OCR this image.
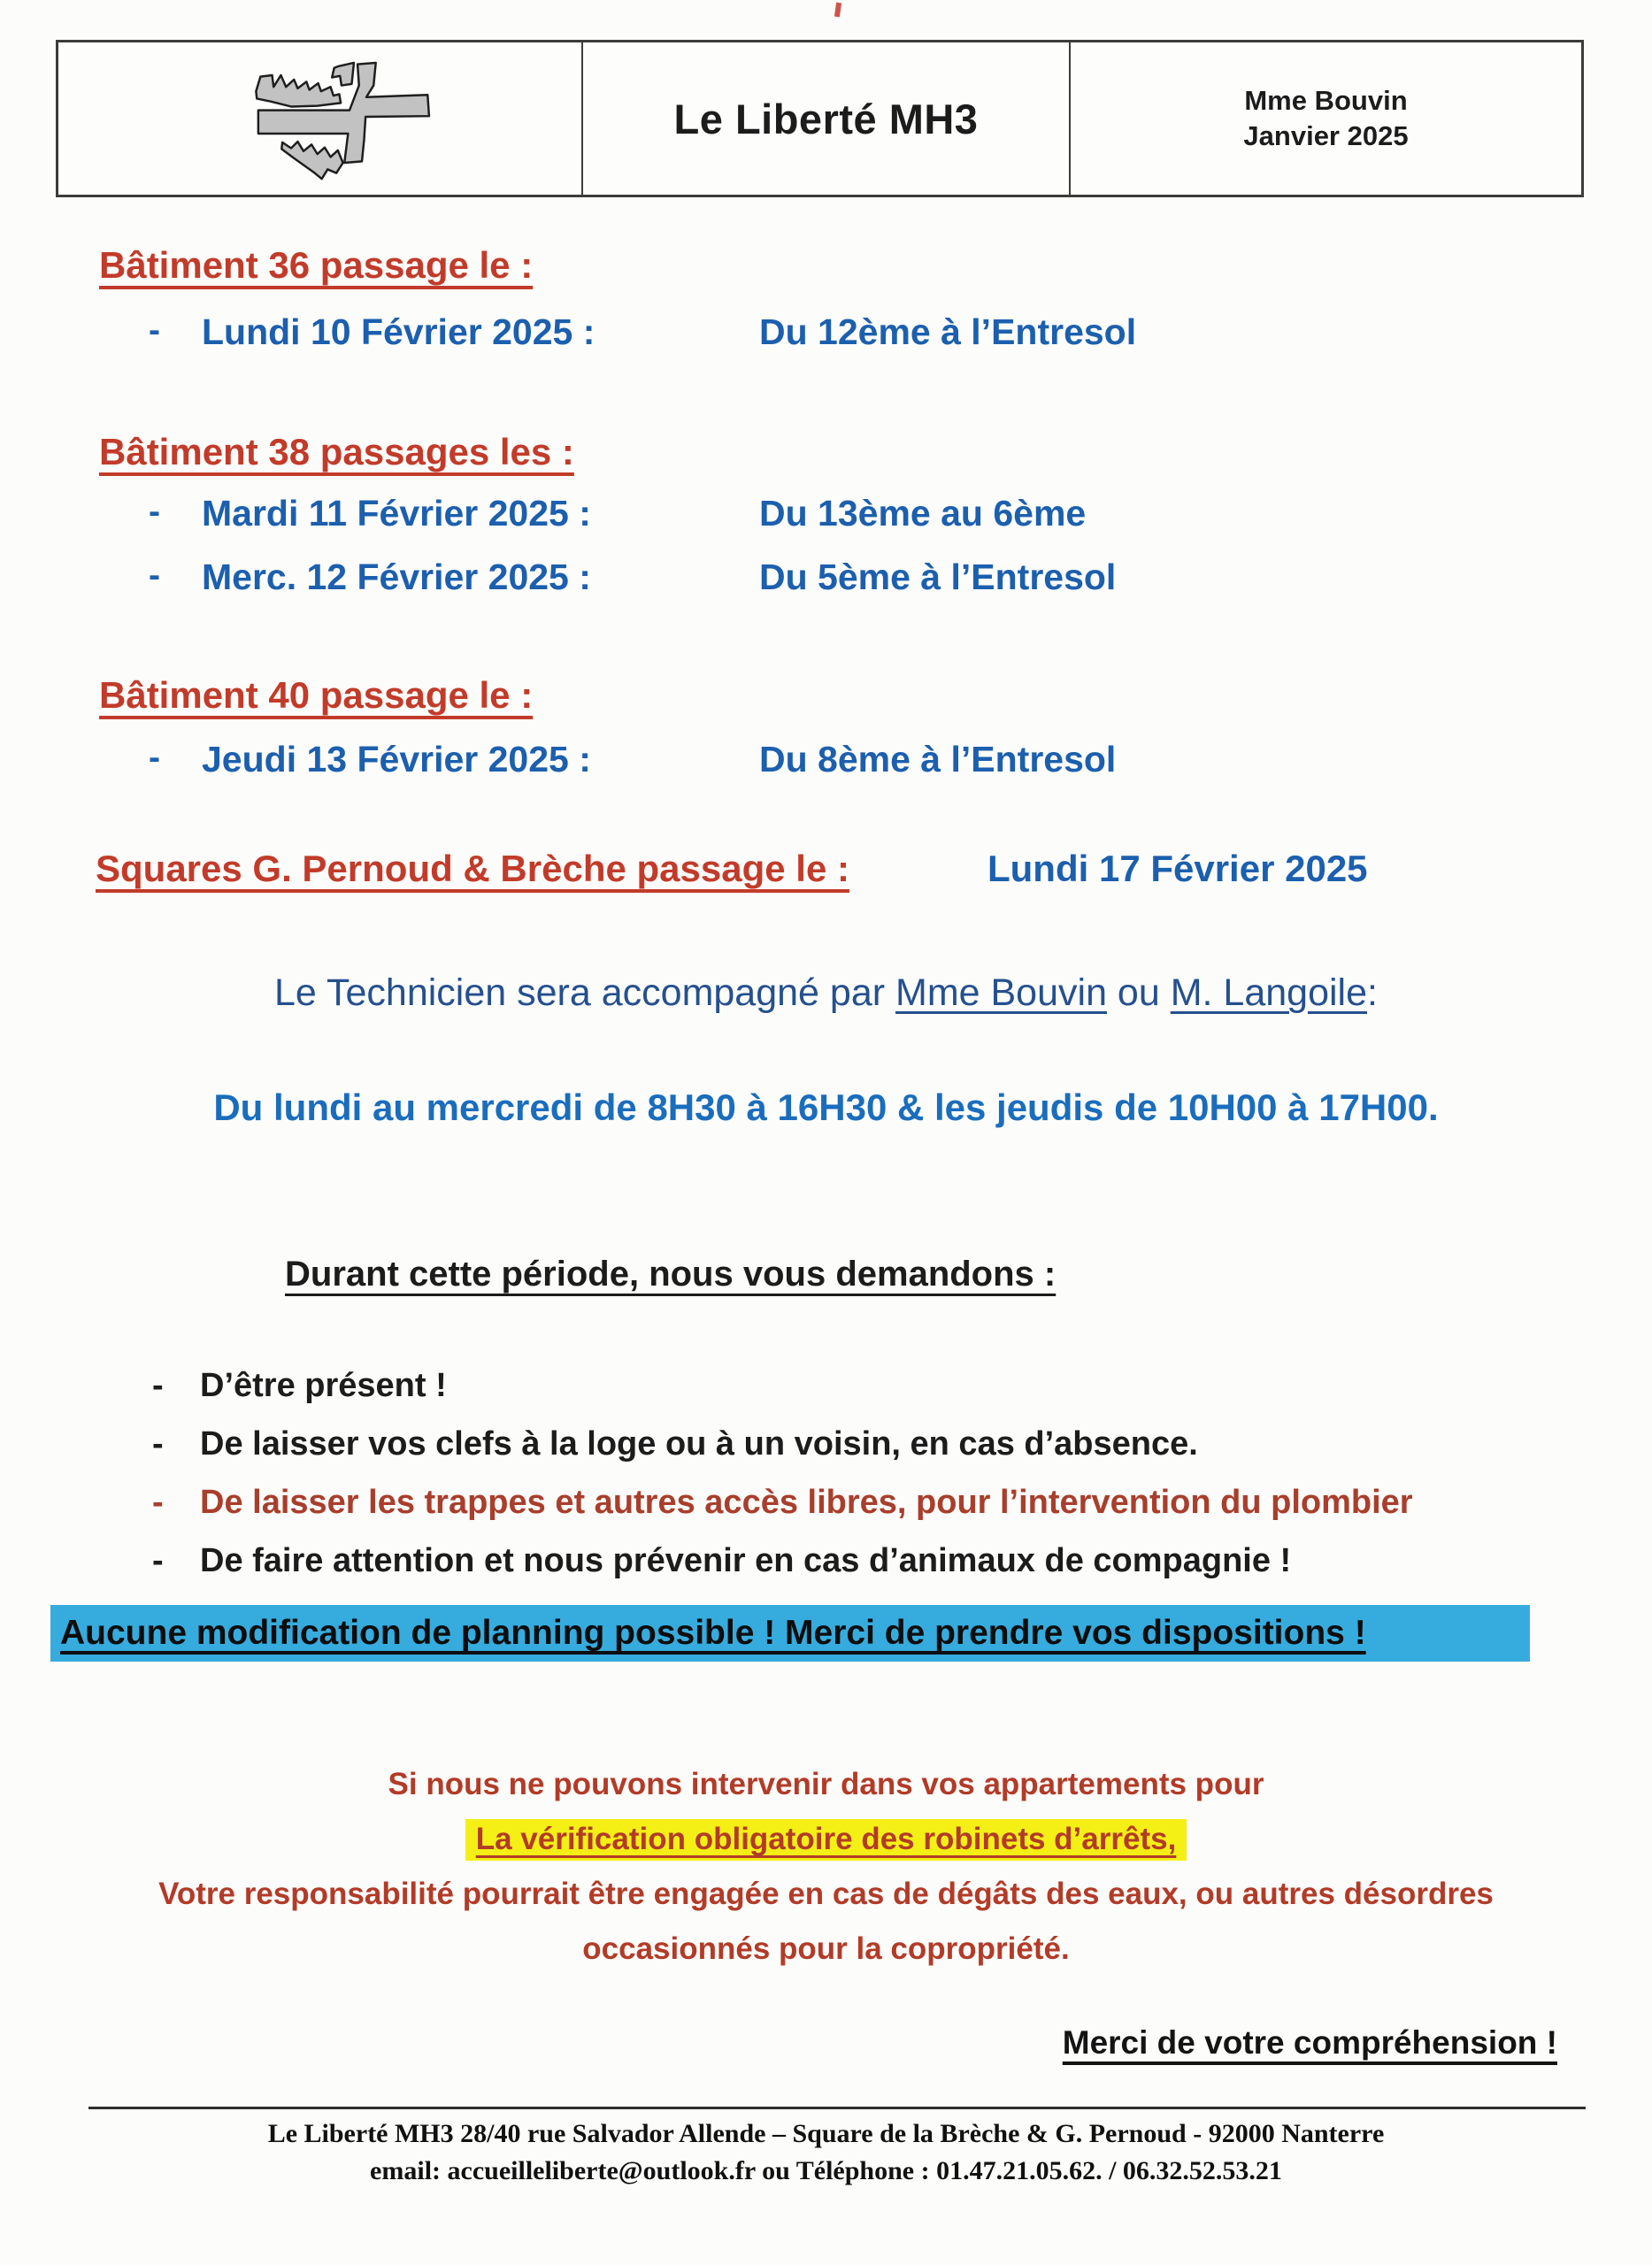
Le Liberté MH3	Mme Bouvin
Janvier 2025
Bâtiment 36 passage le :
- Lundi 10 Février 2025 :	Du 12ème à l’Entresol
Bâtiment 38 passages les :
- Mardi 11 Février 2025 :	Du 13ème au 6ème
- Merc. 12 Février 2025 :	Du 5ème à l’Entresol
Bâtiment 40 passage le :
- Jeudi 13 Février 2025 :	Du 8ème à l’Entresol
Squares G. Pernoud & Brèche passage le :	Lundi 17 Février 2025
Le Technicien sera accompagné par Mme Bouvin ou M. Langoile:
Du lundi au mercredi de 8H30 à 16H30 & les jeudis de 10H00 à 17H00.
Durant cette période, nous vous demandons :
- D’être présent !
- De laisser vos clefs à la loge ou à un voisin, en cas d’absence.
- De laisser les trappes et autres accès libres, pour l’intervention du plombier
- De faire attention et nous prévenir en cas d’animaux de compagnie !
Aucune modification de planning possible ! Merci de prendre vos dispositions !
Si nous ne pouvons intervenir dans vos appartements pour
La vérification obligatoire des robinets d’arrêts,
Votre responsabilité pourrait être engagée en cas de dégâts des eaux, ou autres désordres
occasionnés pour la copropriété.
Merci de votre compréhension !
Le Liberté MH3 28/40 rue Salvador Allende – Square de la Brèche & G. Pernoud - 92000 Nanterre
email: accueilleliberte@outlook.fr ou Téléphone : 01.47.21.05.62. / 06.32.52.53.21
